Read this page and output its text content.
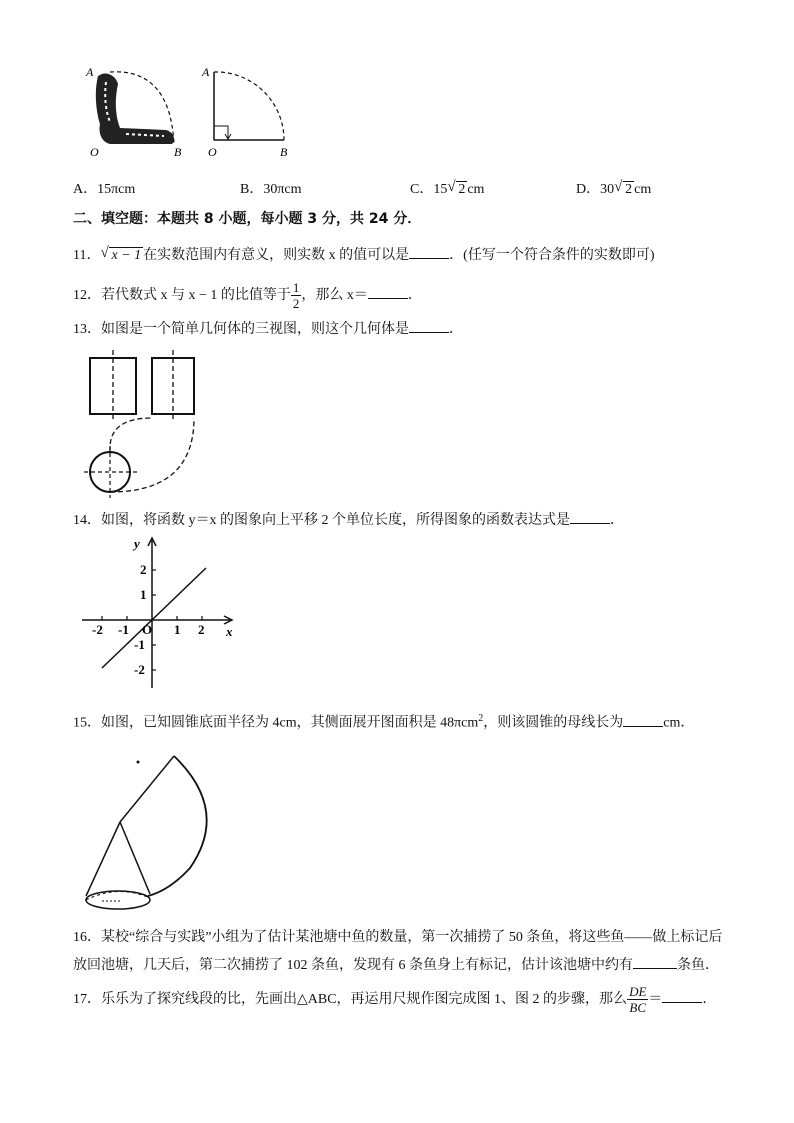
A
O	B
A
O	B
A．15πcm	B．30πcm	C．15 √ 2 cm	D．30 √ 2 cm
二、填空题：本题共 8 小题，每小题 3 分，共 24 分．
11． √ x − 1 在实数范围内有意义，则实数 x 的值可以是	．(任写一个符合条件的实数即可)
12．若代数式 x 与 x − 1 的比值等于 $\frac{1}{2}$ ，那么 x＝	．
13．如图是一个简单几何体的三视图，则这个几何体是	．
14．如图，将函数 y＝x 的图象向上平移 2 个单位长度，所得图象的函数表达式是	．
y
x
-2 -1 O 1 2
2
1
-1
-2
15．如图，已知圆锥底面半径为 4cm，其侧面展开图面积是 48πcm$^2$，则该圆锥的母线长为	cm．
16．某校“综合与实践”小组为了估计某池塘中鱼的数量，第一次捕捞了 50 条鱼，将这些鱼——做上标记后
放回池塘，几天后，第二次捕捞了 102 条鱼，发现有 6 条鱼身上有标记，估计该池塘中约有	条鱼．
17．乐乐为了探究线段的比，先画出△ABC，再运用尺规作图完成图 1、图 2 的步骤，那么 $\frac{DE}{BC}$ ＝	．
